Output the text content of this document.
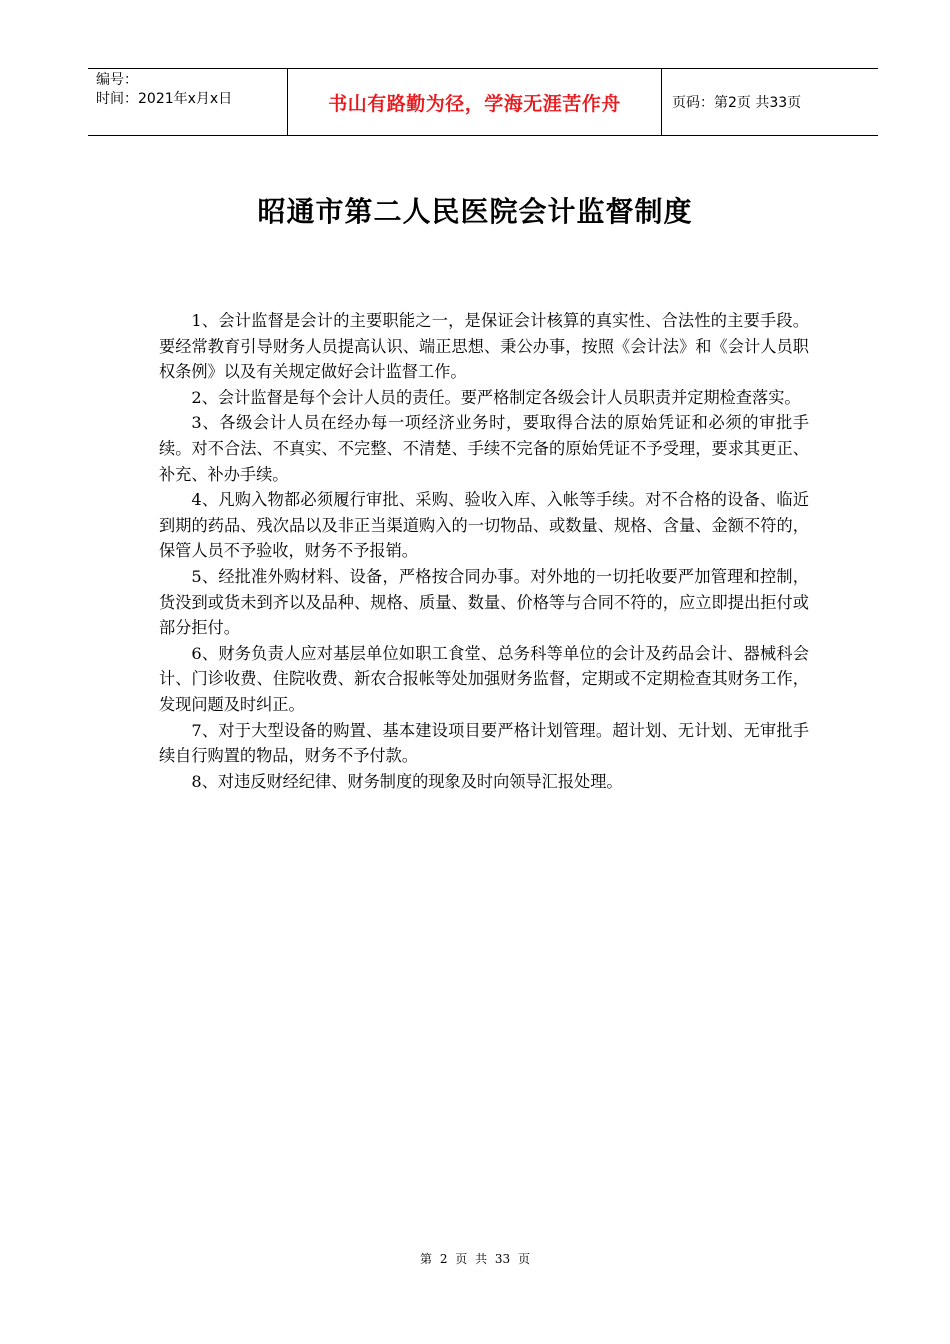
编号：
时间：2021年x月x日	书山有路勤为径，学海无涯苦作舟	页码：第2页 共33页
昭通市第二人民医院会计监督制度

1、会计监督是会计的主要职能之一，是保证会计核算的真实性、合法性的主要手段。要经常教育引导财务人员提高认识、端正思想、秉公办事，按照《会计法》和《会计人员职权条例》以及有关规定做好会计监督工作。

2、会计监督是每个会计人员的责任。要严格制定各级会计人员职责并定期检查落实。

3、各级会计人员在经办每一项经济业务时，要取得合法的原始凭证和必须的审批手续。对不合法、不真实、不完整、不清楚、手续不完备的原始凭证不予受理，要求其更正、补充、补办手续。

4、凡购入物都必须履行审批、采购、验收入库、入帐等手续。对不合格的设备、临近到期的药品、残次品以及非正当渠道购入的一切物品、或数量、规格、含量、金额不符的，保管人员不予验收，财务不予报销。

5、经批准外购材料、设备，严格按合同办事。对外地的一切托收要严加管理和控制，货没到或货未到齐以及品种、规格、质量、数量、价格等与合同不符的，应立即提出拒付或部分拒付。

6、财务负责人应对基层单位如职工食堂、总务科等单位的会计及药品会计、器械科会计、门诊收费、住院收费、新农合报帐等处加强财务监督，定期或不定期检查其财务工作，发现问题及时纠正。

7、对于大型设备的购置、基本建设项目要严格计划管理。超计划、无计划、无审批手续自行购置的物品，财务不予付款。

8、对违反财经纪律、财务制度的现象及时向领导汇报处理。

第 2 页 共 33 页
